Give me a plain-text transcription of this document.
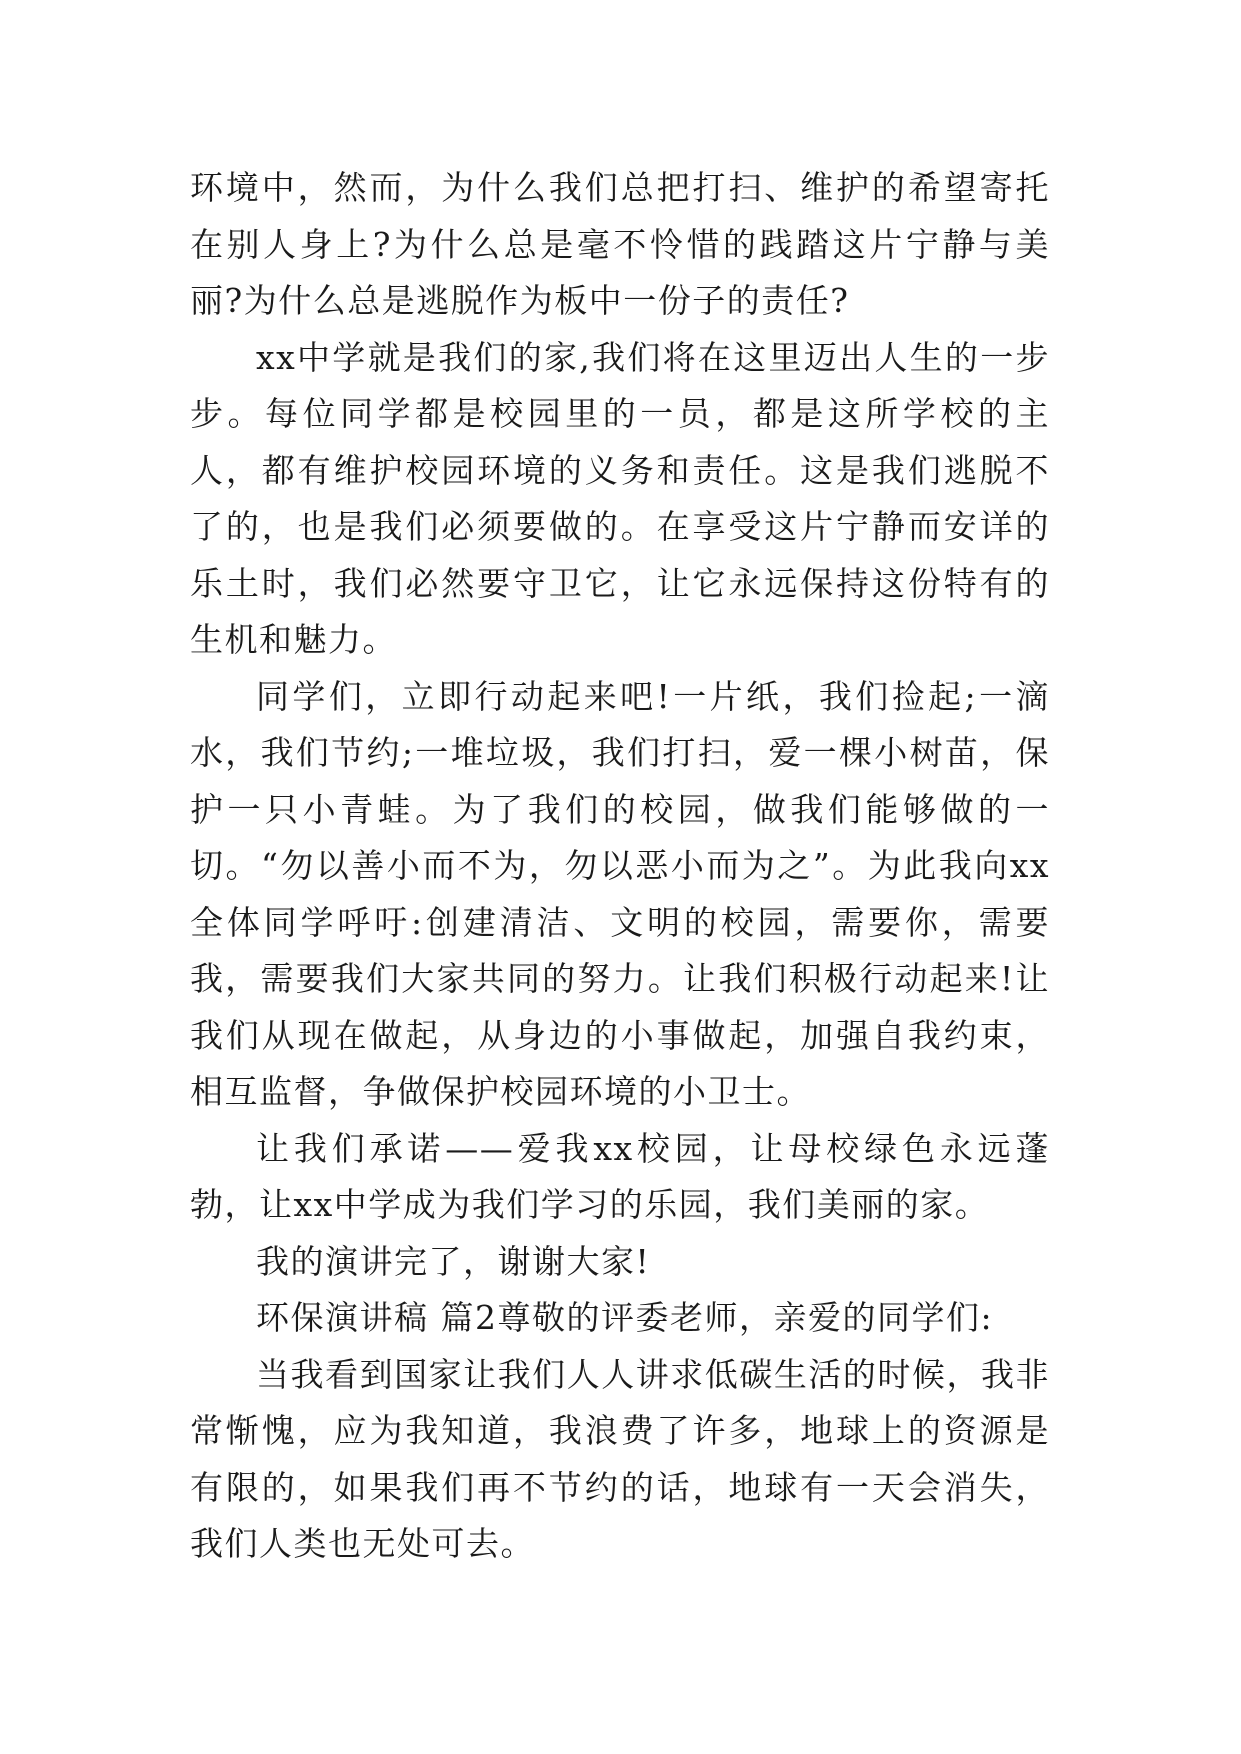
环境中，然而，为什么我们总把打扫、维护的希望寄托在别人身上?为什么总是毫不怜惜的践踏这片宁静与美丽?为什么总是逃脱作为板中一份子的责任?

xx中学就是我们的家,我们将在这里迈出人生的一步步。每位同学都是校园里的一员，都是这所学校的主人，都有维护校园环境的义务和责任。这是我们逃脱不了的，也是我们必须要做的。在享受这片宁静而安详的乐土时，我们必然要守卫它，让它永远保持这份特有的生机和魅力。

同学们，立即行动起来吧!一片纸，我们捡起;一滴水，我们节约;一堆垃圾，我们打扫，爱一棵小树苗，保护一只小青蛙。为了我们的校园，做我们能够做的一切。“勿以善小而不为，勿以恶小而为之”。为此我向xx全体同学呼吁:创建清洁、文明的校园，需要你，需要我，需要我们大家共同的努力。让我们积极行动起来!让我们从现在做起，从身边的小事做起，加强自我约束，相互监督，争做保护校园环境的小卫士。

让我们承诺——爱我xx校园，让母校绿色永远蓬勃，让xx中学成为我们学习的乐园，我们美丽的家。

我的演讲完了，谢谢大家!

环保演讲稿 篇2尊敬的评委老师，亲爱的同学们:

当我看到国家让我们人人讲求低碳生活的时候，我非常惭愧，应为我知道，我浪费了许多，地球上的资源是有限的，如果我们再不节约的话，地球有一天会消失，我们人类也无处可去。
